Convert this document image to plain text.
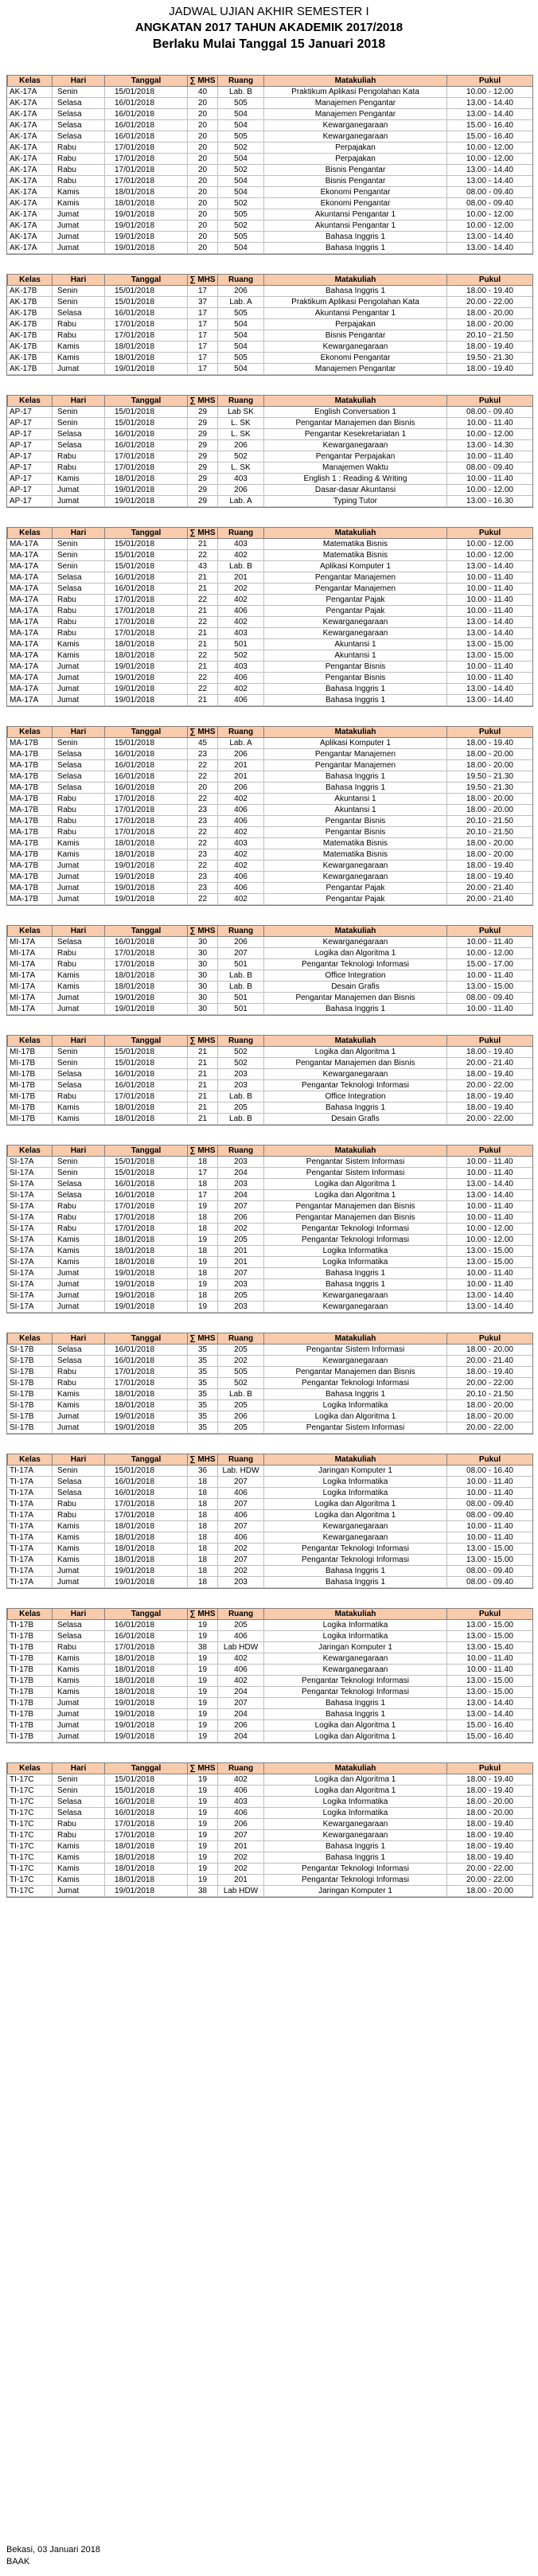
JADWAL UJIAN AKHIR SEMESTER I
ANGKATAN 2017 TAHUN AKADEMIK 2017/2018
Berlaku Mulai Tanggal 15 Januari 2018
Kelas	Hari	Tanggal	∑ MHS	Ruang	Matakuliah	Pukul
AK-17A	Senin	15/01/2018	40	Lab. B	Praktikum Aplikasi Pengolahan Kata	10.00 - 12.00
AK-17A	Selasa	16/01/2018	20	505	Manajemen Pengantar	13.00 - 14.40
AK-17A	Selasa	16/01/2018	20	504	Manajemen Pengantar	13.00 - 14.40
AK-17A	Selasa	16/01/2018	20	504	Kewarganegaraan	15.00 - 16.40
AK-17A	Selasa	16/01/2018	20	505	Kewarganegaraan	15.00 - 16.40
AK-17A	Rabu	17/01/2018	20	502	Perpajakan	10.00 - 12.00
AK-17A	Rabu	17/01/2018	20	504	Perpajakan	10.00 - 12.00
AK-17A	Rabu	17/01/2018	20	502	Bisnis Pengantar	13.00 - 14.40
AK-17A	Rabu	17/01/2018	20	504	Bisnis Pengantar	13.00 - 14.40
AK-17A	Kamis	18/01/2018	20	504	Ekonomi Pengantar	08.00 - 09.40
AK-17A	Kamis	18/01/2018	20	502	Ekonomi Pengantar	08.00 - 09.40
AK-17A	Jumat	19/01/2018	20	505	Akuntansi Pengantar 1	10.00 - 12.00
AK-17A	Jumat	19/01/2018	20	502	Akuntansi Pengantar 1	10.00 - 12.00
AK-17A	Jumat	19/01/2018	20	505	Bahasa Inggris 1	13.00 - 14.40
AK-17A	Jumat	19/01/2018	20	504	Bahasa Inggris 1	13.00 - 14.40
Kelas	Hari	Tanggal	∑ MHS	Ruang	Matakuliah	Pukul
AK-17B	Senin	15/01/2018	17	206	Bahasa Inggris 1	18.00 - 19.40
AK-17B	Senin	15/01/2018	37	Lab. A	Praktikum Aplikasi Pengolahan Kata	20.00 - 22.00
AK-17B	Selasa	16/01/2018	17	505	Akuntansi Pengantar 1	18.00 - 20.00
AK-17B	Rabu	17/01/2018	17	504	Perpajakan	18.00 - 20.00
AK-17B	Rabu	17/01/2018	17	504	Bisnis Pengantar	20.10 - 21.50
AK-17B	Kamis	18/01/2018	17	504	Kewarganegaraan	18.00 - 19.40
AK-17B	Kamis	18/01/2018	17	505	Ekonomi Pengantar	19.50 - 21.30
AK-17B	Jumat	19/01/2018	17	504	Manajemen Pengantar	18.00 - 19.40
Kelas	Hari	Tanggal	∑ MHS	Ruang	Matakuliah	Pukul
AP-17	Senin	15/01/2018	29	Lab SK	English Conversation 1	08.00 - 09.40
AP-17	Senin	15/01/2018	29	L. SK	Pengantar Manajemen dan Bisnis	10.00 - 11.40
AP-17	Selasa	16/01/2018	29	L. SK	Pengantar Kesekretariatan 1	10.00 - 12.00
AP-17	Selasa	16/01/2018	29	206	Kewarganegaraan	13.00 - 14.30
AP-17	Rabu	17/01/2018	29	502	Pengantar Perpajakan	10.00 - 11.40
AP-17	Rabu	17/01/2018	29	L. SK	Manajemen Waktu	08.00 - 09.40
AP-17	Kamis	18/01/2018	29	403	English 1 : Reading & Writing	10.00 - 11.40
AP-17	Jumat	19/01/2018	29	206	Dasar-dasar Akuntansi	10.00 - 12.00
AP-17	Jumat	19/01/2018	29	Lab. A	Typing Tutor	13.00 - 16.30
Kelas	Hari	Tanggal	∑ MHS	Ruang	Matakuliah	Pukul
MA-17A	Senin	15/01/2018	21	403	Matematika Bisnis	10.00 - 12.00
MA-17A	Senin	15/01/2018	22	402	Matematika Bisnis	10.00 - 12.00
MA-17A	Senin	15/01/2018	43	Lab. B	Aplikasi Komputer 1	13.00 - 14.40
MA-17A	Selasa	16/01/2018	21	201	Pengantar Manajemen	10.00 - 11.40
MA-17A	Selasa	16/01/2018	21	202	Pengantar Manajemen	10.00 - 11.40
MA-17A	Rabu	17/01/2018	22	402	Pengantar Pajak	10.00 - 11.40
MA-17A	Rabu	17/01/2018	21	406	Pengantar Pajak	10.00 - 11.40
MA-17A	Rabu	17/01/2018	22	402	Kewarganegaraan	13.00 - 14.40
MA-17A	Rabu	17/01/2018	21	403	Kewarganegaraan	13.00 - 14.40
MA-17A	Kamis	18/01/2018	21	501	Akuntansi 1	13.00 - 15.00
MA-17A	Kamis	18/01/2018	22	502	Akuntansi 1	13.00 - 15.00
MA-17A	Jumat	19/01/2018	21	403	Pengantar Bisnis	10.00 - 11.40
MA-17A	Jumat	19/01/2018	22	406	Pengantar Bisnis	10.00 - 11.40
MA-17A	Jumat	19/01/2018	22	402	Bahasa Inggris 1	13.00 - 14.40
MA-17A	Jumat	19/01/2018	21	406	Bahasa Inggris 1	13.00 - 14.40
Kelas	Hari	Tanggal	∑ MHS	Ruang	Matakuliah	Pukul
MA-17B	Senin	15/01/2018	45	Lab. A	Aplikasi Komputer 1	18.00 - 19.40
MA-17B	Selasa	16/01/2018	23	206	Pengantar Manajemen	18.00 - 20.00
MA-17B	Selasa	16/01/2018	22	201	Pengantar Manajemen	18.00 - 20.00
MA-17B	Selasa	16/01/2018	22	201	Bahasa Inggris 1	19.50 - 21.30
MA-17B	Selasa	16/01/2018	20	206	Bahasa Inggris 1	19.50 - 21.30
MA-17B	Rabu	17/01/2018	22	402	Akuntansi 1	18.00 - 20.00
MA-17B	Rabu	17/01/2018	23	406	Akuntansi 1	18.00 - 20.00
MA-17B	Rabu	17/01/2018	23	406	Pengantar Bisnis	20.10 - 21.50
MA-17B	Rabu	17/01/2018	22	402	Pengantar Bisnis	20.10 - 21.50
MA-17B	Kamis	18/01/2018	22	403	Matematika Bisnis	18.00 - 20.00
MA-17B	Kamis	18/01/2018	23	402	Matematika Bisnis	18.00 - 20.00
MA-17B	Jumat	19/01/2018	22	402	Kewarganegaraan	18.00 - 19.40
MA-17B	Jumat	19/01/2018	23	406	Kewarganegaraan	18.00 - 19.40
MA-17B	Jumat	19/01/2018	23	406	Pengantar Pajak	20.00 - 21.40
MA-17B	Jumat	19/01/2018	22	402	Pengantar Pajak	20.00 - 21.40
Kelas	Hari	Tanggal	∑ MHS	Ruang	Matakuliah	Pukul
MI-17A	Selasa	16/01/2018	30	206	Kewarganegaraan	10.00 - 11.40
MI-17A	Rabu	17/01/2018	30	207	Logika dan Algoritma 1	10.00 - 12.00
MI-17A	Rabu	17/01/2018	30	501	Pengantar Teknologi Informasi	15.00 - 17.00
MI-17A	Kamis	18/01/2018	30	Lab. B	Office Integration	10.00 - 11.40
MI-17A	Kamis	18/01/2018	30	Lab. B	Desain Grafis	13.00 - 15.00
MI-17A	Jumat	19/01/2018	30	501	Pengantar Manajemen dan Bisnis	08.00 - 09.40
MI-17A	Jumat	19/01/2018	30	501	Bahasa Inggris 1	10.00 - 11.40
Kelas	Hari	Tanggal	∑ MHS	Ruang	Matakuliah	Pukul
MI-17B	Senin	15/01/2018	21	502	Logika dan Algoritma 1	18.00 - 19.40
MI-17B	Senin	15/01/2018	21	502	Pengantar Manajemen dan Bisnis	20.00 - 21.40
MI-17B	Selasa	16/01/2018	21	203	Kewarganegaraan	18.00 - 19.40
MI-17B	Selasa	16/01/2018	21	203	Pengantar Teknologi Informasi	20.00 - 22.00
MI-17B	Rabu	17/01/2018	21	Lab. B	Office Integration	18.00 - 19.40
MI-17B	Kamis	18/01/2018	21	205	Bahasa Inggris 1	18.00 - 19.40
MI-17B	Kamis	18/01/2018	21	Lab. B	Desain Grafis	20.00 - 22.00
Kelas	Hari	Tanggal	∑ MHS	Ruang	Matakuliah	Pukul
SI-17A	Senin	15/01/2018	18	203	Pengantar Sistem Informasi	10.00 - 11.40
SI-17A	Senin	15/01/2018	17	204	Pengantar Sistem Informasi	10.00 - 11.40
SI-17A	Selasa	16/01/2018	18	203	Logika dan Algoritma 1	13.00 - 14.40
SI-17A	Selasa	16/01/2018	17	204	Logika dan Algoritma 1	13.00 - 14.40
SI-17A	Rabu	17/01/2018	19	207	Pengantar Manajemen dan Bisnis	10.00 - 11.40
SI-17A	Rabu	17/01/2018	18	206	Pengantar Manajemen dan Bisnis	10.00 - 11.40
SI-17A	Rabu	17/01/2018	18	202	Pengantar Teknologi Informasi	10.00 - 12.00
SI-17A	Kamis	18/01/2018	19	205	Pengantar Teknologi Informasi	10.00 - 12.00
SI-17A	Kamis	18/01/2018	18	201	Logika Informatika	13.00 - 15.00
SI-17A	Kamis	18/01/2018	19	201	Logika Informatika	13.00 - 15.00
SI-17A	Jumat	19/01/2018	18	207	Bahasa Inggris 1	10.00 - 11.40
SI-17A	Jumat	19/01/2018	19	203	Bahasa Inggris 1	10.00 - 11.40
SI-17A	Jumat	19/01/2018	18	205	Kewarganegaraan	13.00 - 14.40
SI-17A	Jumat	19/01/2018	19	203	Kewarganegaraan	13.00 - 14.40
Kelas	Hari	Tanggal	∑ MHS	Ruang	Matakuliah	Pukul
SI-17B	Selasa	16/01/2018	35	205	Pengantar Sistem Informasi	18.00 - 20.00
SI-17B	Selasa	16/01/2018	35	202	Kewarganegaraan	20.00 - 21.40
SI-17B	Rabu	17/01/2018	35	505	Pengantar Manajemen dan Bisnis	18.00 - 19.40
SI-17B	Rabu	17/01/2018	35	502	Pengantar Teknologi Informasi	20.00 - 22.00
SI-17B	Kamis	18/01/2018	35	Lab. B	Bahasa Inggris 1	20.10 - 21.50
SI-17B	Kamis	18/01/2018	35	205	Logika Informatika	18.00 - 20.00
SI-17B	Jumat	19/01/2018	35	206	Logika dan Algoritma 1	18.00 - 20.00
SI-17B	Jumat	19/01/2018	35	205	Pengantar Sistem Informasi	20.00 - 22.00
Kelas	Hari	Tanggal	∑ MHS	Ruang	Matakuliah	Pukul
TI-17A	Senin	15/01/2018	36	Lab. HDW	Jaringan Komputer 1	08.00 - 16.40
TI-17A	Selasa	16/01/2018	18	207	Logika Informatika	10.00 - 11.40
TI-17A	Selasa	16/01/2018	18	406	Logika Informatika	10.00 - 11.40
TI-17A	Rabu	17/01/2018	18	207	Logika dan Algoritma 1	08.00 - 09.40
TI-17A	Rabu	17/01/2018	18	406	Logika dan Algoritma 1	08.00 - 09.40
TI-17A	Kamis	18/01/2018	18	207	Kewarganegaraan	10.00 - 11.40
TI-17A	Kamis	18/01/2018	18	406	Kewarganegaraan	10.00 - 11.40
TI-17A	Kamis	18/01/2018	18	202	Pengantar Teknologi Informasi	13.00 - 15.00
TI-17A	Kamis	18/01/2018	18	207	Pengantar Teknologi Informasi	13.00 - 15.00
TI-17A	Jumat	19/01/2018	18	202	Bahasa Inggris 1	08.00 - 09.40
TI-17A	Jumat	19/01/2018	18	203	Bahasa Inggris 1	08.00 - 09.40
Kelas	Hari	Tanggal	∑ MHS	Ruang	Matakuliah	Pukul
TI-17B	Selasa	16/01/2018	19	205	Logika Informatika	13.00 - 15.00
TI-17B	Selasa	16/01/2018	19	406	Logika Informatika	13.00 - 15.00
TI-17B	Rabu	17/01/2018	38	Lab HDW	Jaringan Komputer 1	13.00 - 15.40
TI-17B	Kamis	18/01/2018	19	402	Kewarganegaraan	10.00 - 11.40
TI-17B	Kamis	18/01/2018	19	406	Kewarganegaraan	10.00 - 11.40
TI-17B	Kamis	18/01/2018	19	402	Pengantar Teknologi Informasi	13.00 - 15.00
TI-17B	Kamis	18/01/2018	19	204	Pengantar Teknologi Informasi	13.00 - 15.00
TI-17B	Jumat	19/01/2018	19	207	Bahasa Inggris 1	13.00 - 14.40
TI-17B	Jumat	19/01/2018	19	204	Bahasa Inggris 1	13.00 - 14.40
TI-17B	Jumat	19/01/2018	19	206	Logika dan Algoritma 1	15.00 - 16.40
TI-17B	Jumat	19/01/2018	19	204	Logika dan Algoritma 1	15.00 - 16.40
Kelas	Hari	Tanggal	∑ MHS	Ruang	Matakuliah	Pukul
TI-17C	Senin	15/01/2018	19	402	Logika dan Algoritma 1	18.00 - 19.40
TI-17C	Senin	15/01/2018	19	406	Logika dan Algoritma 1	18.00 - 19.40
TI-17C	Selasa	16/01/2018	19	403	Logika Informatika	18.00 - 20.00
TI-17C	Selasa	16/01/2018	19	406	Logika Informatika	18.00 - 20.00
TI-17C	Rabu	17/01/2018	19	206	Kewarganegaraan	18.00 - 19.40
TI-17C	Rabu	17/01/2018	19	207	Kewarganegaraan	18.00 - 19.40
TI-17C	Kamis	18/01/2018	19	201	Bahasa Inggris 1	18.00 - 19.40
TI-17C	Kamis	18/01/2018	19	202	Bahasa Inggris 1	18.00 - 19.40
TI-17C	Kamis	18/01/2018	19	202	Pengantar Teknologi Informasi	20.00 - 22.00
TI-17C	Kamis	18/01/2018	19	201	Pengantar Teknologi Informasi	20.00 - 22.00
TI-17C	Jumat	19/01/2018	38	Lab HDW	Jaringan Komputer 1	18.00 - 20.00
Bekasi, 03 Januari 2018
BAAK
